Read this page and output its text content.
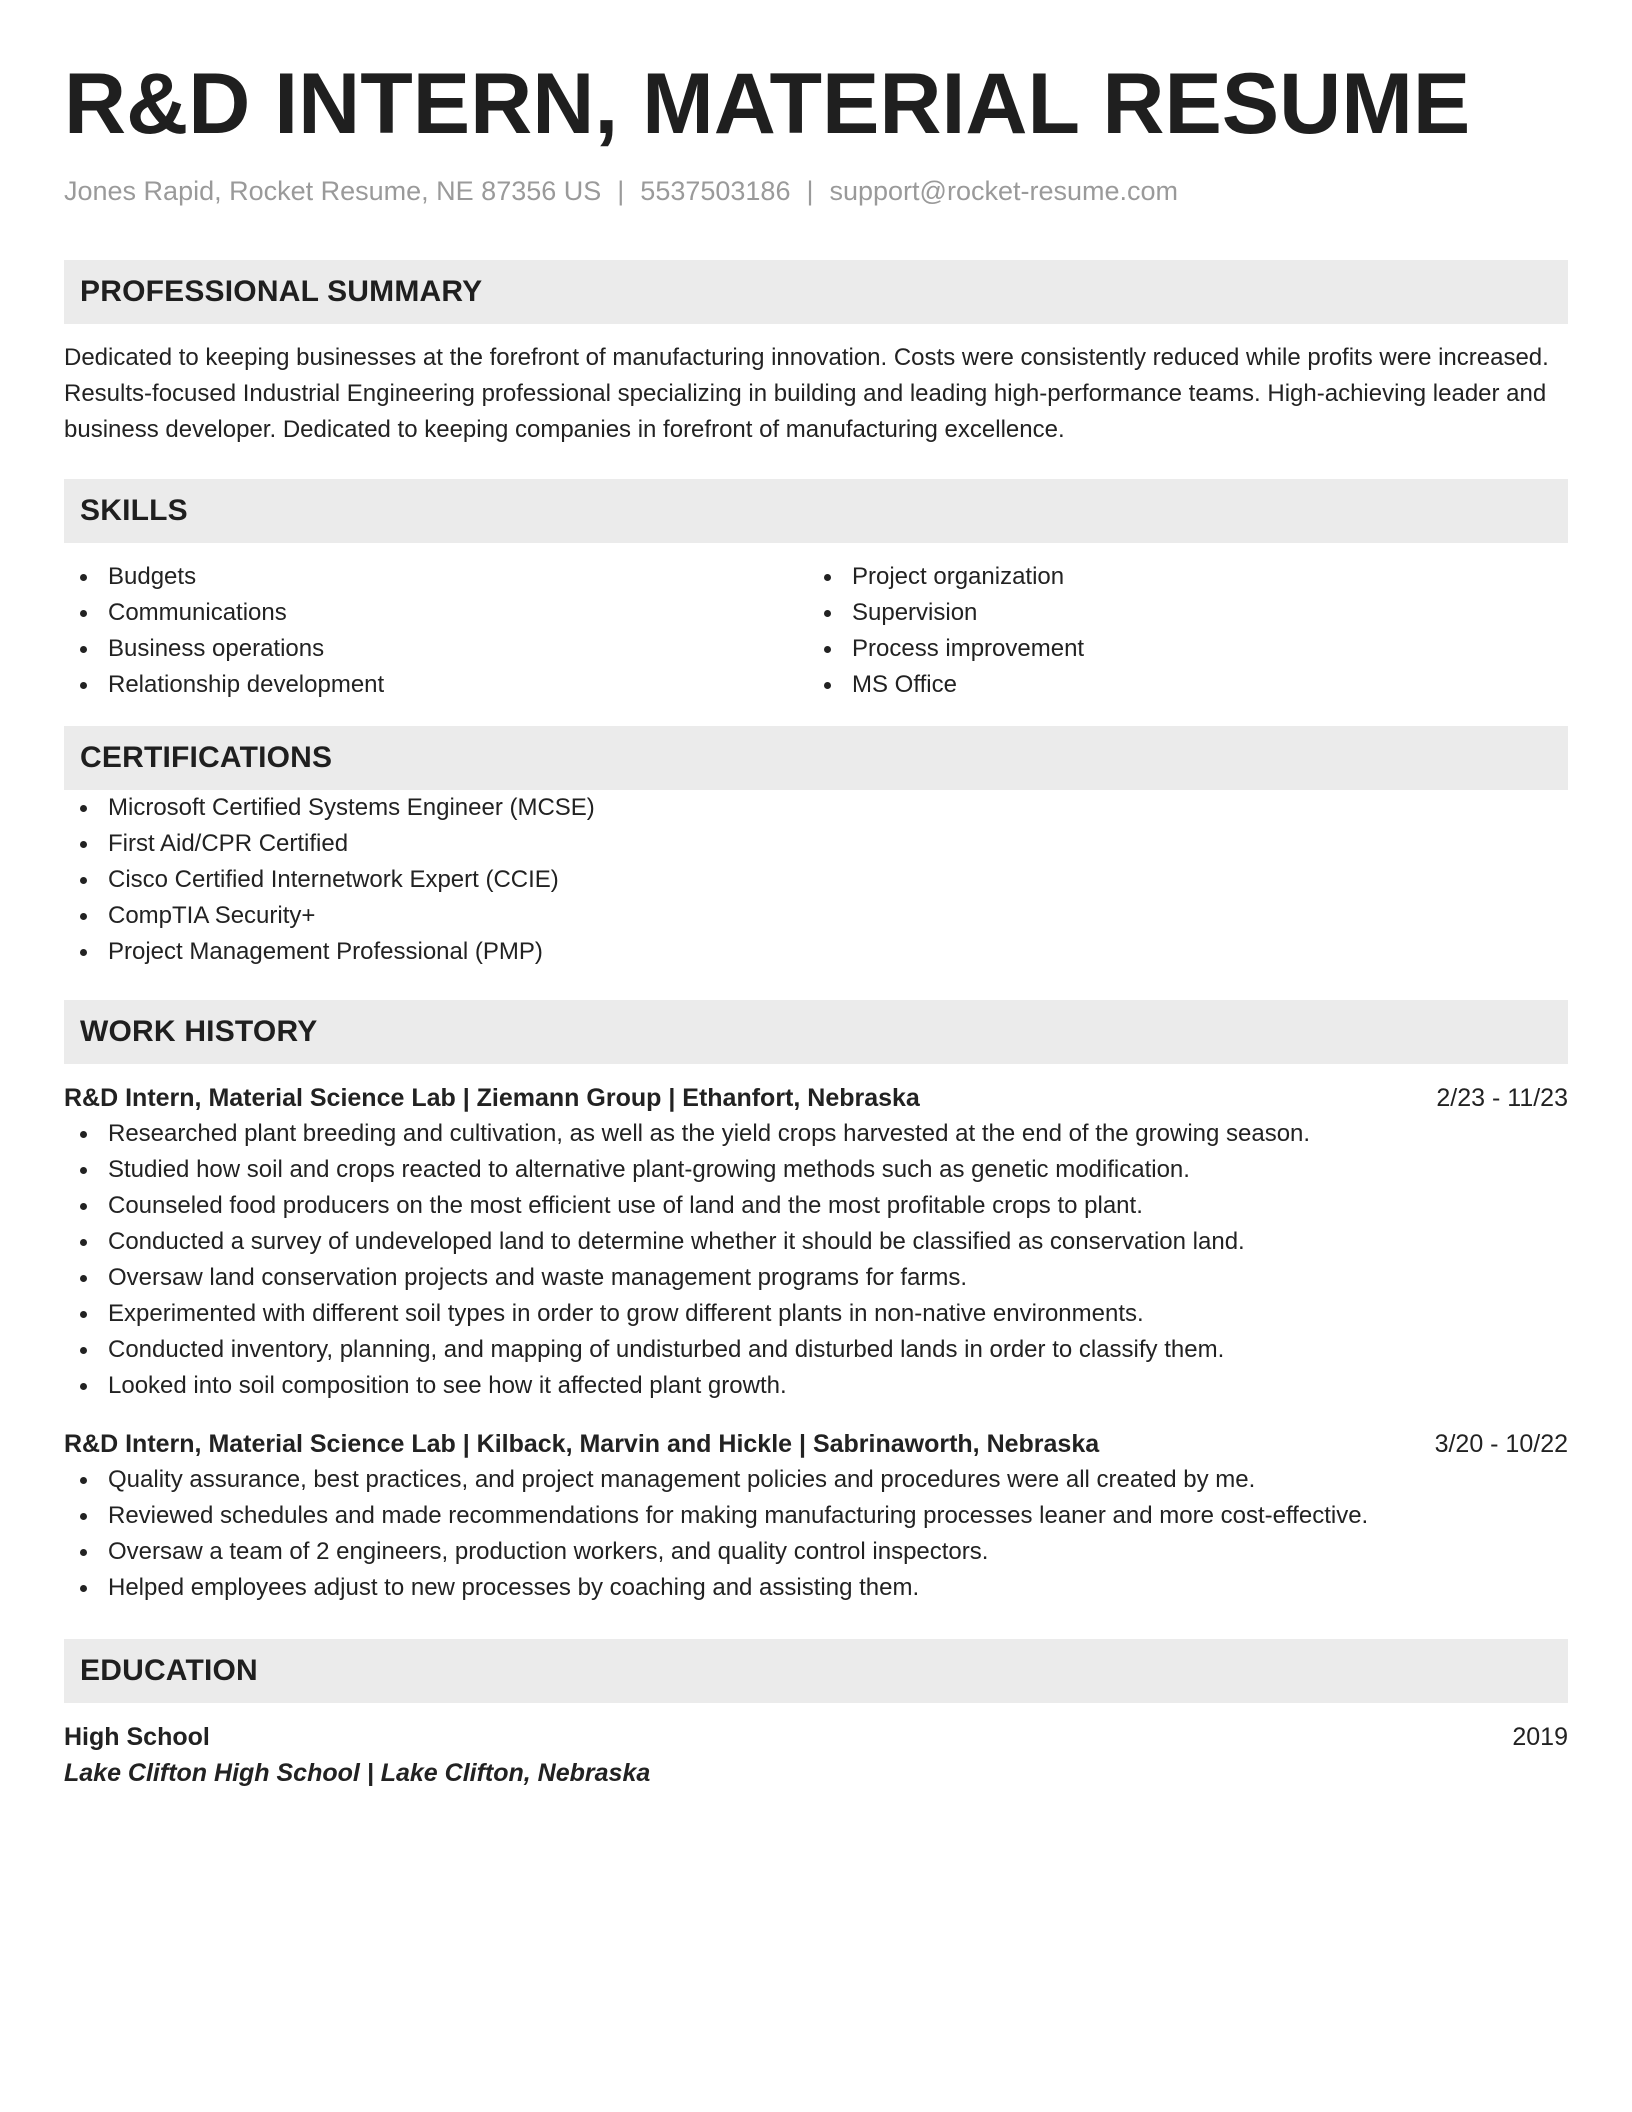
R&D INTERN, MATERIAL RESUME
Jones Rapid, Rocket Resume, NE 87356 US | 5537503186 | support@rocket-resume.com
PROFESSIONAL SUMMARY
Dedicated to keeping businesses at the forefront of manufacturing innovation. Costs were consistently reduced while profits were increased. Results-focused Industrial Engineering professional specializing in building and leading high-performance teams. High-achieving leader and business developer. Dedicated to keeping companies in forefront of manufacturing excellence.
SKILLS
Budgets
Communications
Business operations
Relationship development
Project organization
Supervision
Process improvement
MS Office
CERTIFICATIONS
Microsoft Certified Systems Engineer (MCSE)
First Aid/CPR Certified
Cisco Certified Internetwork Expert (CCIE)
CompTIA Security+
Project Management Professional (PMP)
WORK HISTORY
R&D Intern, Material Science Lab | Ziemann Group | Ethanfort, Nebraska	2/23 - 11/23
Researched plant breeding and cultivation, as well as the yield crops harvested at the end of the growing season.
Studied how soil and crops reacted to alternative plant-growing methods such as genetic modification.
Counseled food producers on the most efficient use of land and the most profitable crops to plant.
Conducted a survey of undeveloped land to determine whether it should be classified as conservation land.
Oversaw land conservation projects and waste management programs for farms.
Experimented with different soil types in order to grow different plants in non-native environments.
Conducted inventory, planning, and mapping of undisturbed and disturbed lands in order to classify them.
Looked into soil composition to see how it affected plant growth.
R&D Intern, Material Science Lab | Kilback, Marvin and Hickle | Sabrinaworth, Nebraska	3/20 - 10/22
Quality assurance, best practices, and project management policies and procedures were all created by me.
Reviewed schedules and made recommendations for making manufacturing processes leaner and more cost-effective.
Oversaw a team of 2 engineers, production workers, and quality control inspectors.
Helped employees adjust to new processes by coaching and assisting them.
EDUCATION
High School	2019
Lake Clifton High School | Lake Clifton, Nebraska
